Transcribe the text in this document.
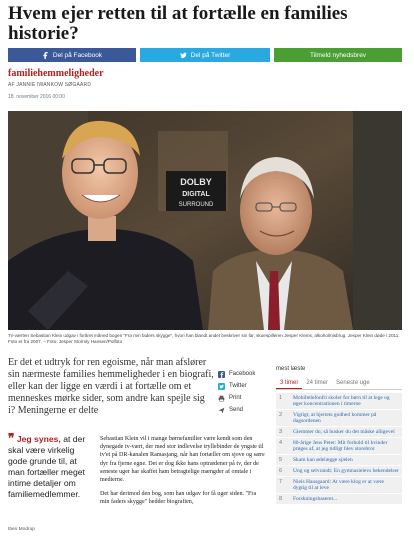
Hvem ejer retten til at fortælle en families historie?
Del på Facebook	Del på Twitter	Tilmeld nyhedsbrev
familiehemmeligheder
AF JANNIE IWANKOW SØGAARD
18. november 2016 00:00
DOLBY
DIGITAL
SURROUND
Tv-værten Sebastian Klein udgav i foråret måned bogen "Fra min faders skygge", hvori han blandt andet beskriver sin far, skuespilleren Jesper Kleins, alkoholmisbrug. Jesper Klein døde i 2011. Foto er fra 2007. – Foto: Jesper Stormly Hansen/Polfoto
Er det et udtryk for ren egoisme, når man afslører sin nærmeste families hemmeligheder i en biografi, eller kan der ligge en værdi i at fortælle om et menneskes mørke sider, som andre kan spejle sig i? Meningerne er delte
Facebook
Twitter
Print
Send
mest læste
3 timer	24 timer	Seneste uge
1	Mobiltelefonfri skoler for børn til at lege og øger koncentrationen i timerne
2	Vigtigt, at hjertets godhed kommer på dagsordenen
3	Glemmer du, så husker du det måske alligevel
4	80-årige Jens Peter: Mit forhold til kvinder prøges af, at jeg tidligt blev storebror
5	Skam kan ødelægge sjælen
6	Ung og selvrandt: En gymnasielevs bekendelser
7	Niels Hausgaard: At være klog er at være dygtig til at leve
8	Forskningsbaseret...
❞ Jeg synes, at der skal være virkelig gode grunde til, at man fortæller meget intime detaljer om familiemedlemmer.
Iben Modrup

Sebastian Klein vil i mange børnefamilier være kendt som den dynegade tv-vært, der med stor indlevelse tryllebinder de yngste til tv'et på DR-kanalen Ramasjang, når han fortæller om sjove og sære dyr fra fjerne egne. Det er dog ikke hans optrædener på tv, der de seneste uger har skaffet ham betragtelige mængder af omtale i medierne.

Det har derimod den bog, som han udgav for få uger siden. "Fra min faders skygge" hedder biografien,
